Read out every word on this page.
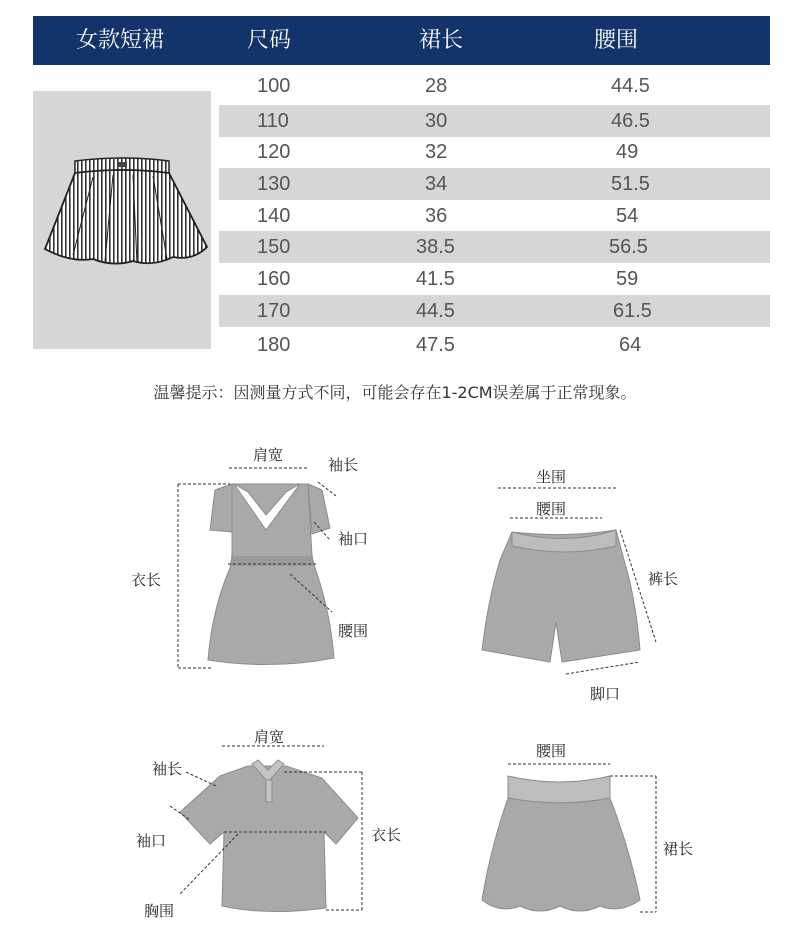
女款短裙	尺码	裙长	腰围
100	28	44.5
110	30	46.5
120	32	49
130	34	51.5
140	36	54
150	38.5	56.5
160	41.5	59
170	44.5	61.5
180	47.5	64
温馨提示：因测量方式不同，可能会存在1-2CM误差属于正常现象。
肩宽
袖长
袖口
衣长
腰围
坐围
腰围
裤长
脚口
肩宽
袖长
袖口	衣长
胸围
腰围
裙长
